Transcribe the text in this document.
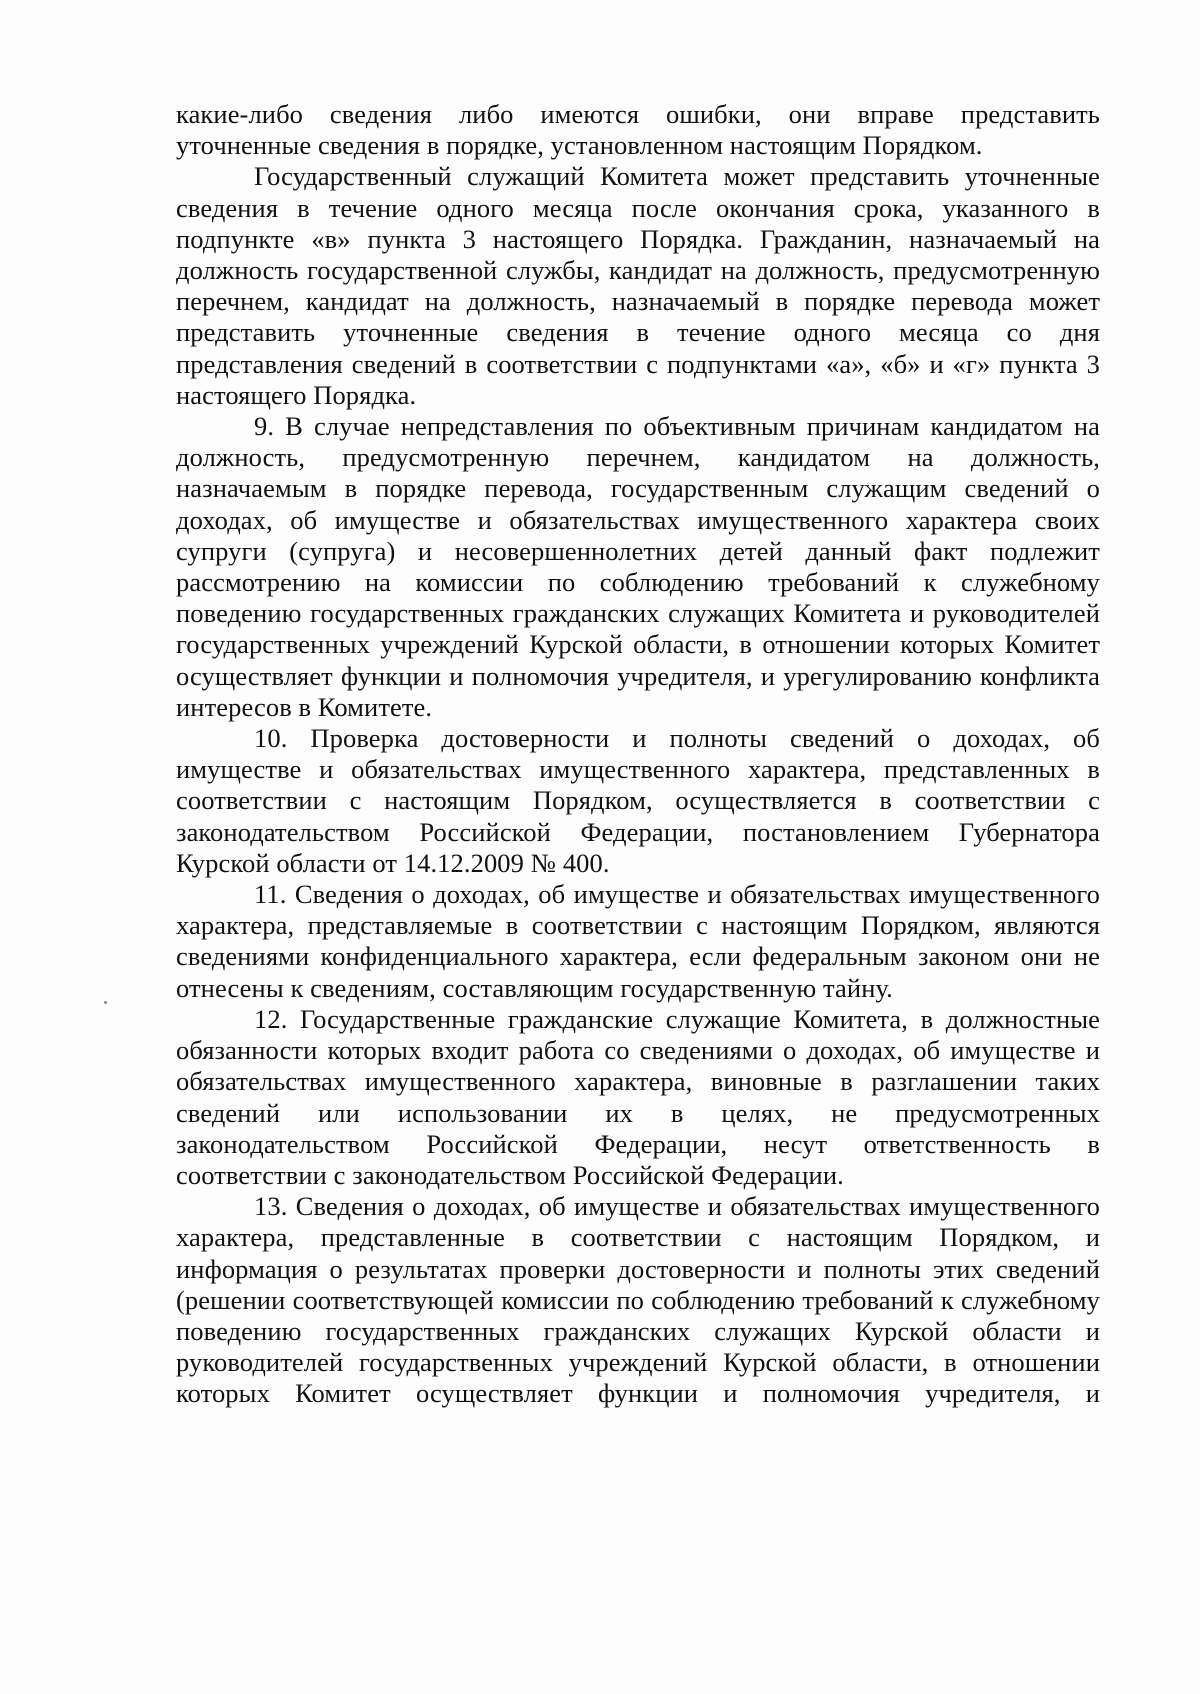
какие-либо сведения либо имеются ошибки, они вправе представить уточненные сведения в порядке, установленном настоящим Порядком.

Государственный служащий Комитета может представить уточненные сведения в течение одного месяца после окончания срока, указанного в подпункте «в» пункта 3 настоящего Порядка. Гражданин, назначаемый на должность государственной службы, кандидат на должность, предусмотренную перечнем, кандидат на должность, назначаемый в порядке перевода может представить уточненные сведения в течение одного месяца со дня представления сведений в соответствии с подпунктами «а», «б» и «г» пункта 3 настоящего Порядка.

9. В случае непредставления по объективным причинам кандидатом на должность, предусмотренную перечнем, кандидатом на должность, назначаемым в порядке перевода, государственным служащим сведений о доходах, об имуществе и обязательствах имущественного характера своих супруги (супруга) и несовершеннолетних детей данный факт подлежит рассмотрению на комиссии по соблюдению требований к служебному поведению государственных гражданских служащих Комитета и руководителей государственных учреждений Курской области, в отношении которых Комитет осуществляет функции и полномочия учредителя, и урегулированию конфликта интересов в Комитете.

10. Проверка достоверности и полноты сведений о доходах, об имуществе и обязательствах имущественного характера, представленных в соответствии с настоящим Порядком, осуществляется в соответствии с законодательством Российской Федерации, постановлением Губернатора Курской области от 14.12.2009 № 400.

11. Сведения о доходах, об имуществе и обязательствах имущественного характера, представляемые в соответствии с настоящим Порядком, являются сведениями конфиденциального характера, если федеральным законом они не отнесены к сведениям, составляющим государственную тайну.

12. Государственные гражданские служащие Комитета, в должностные обязанности которых входит работа со сведениями о доходах, об имуществе и обязательствах имущественного характера, виновные в разглашении таких сведений или использовании их в целях, не предусмотренных законодательством Российской Федерации, несут ответственность в соответствии с законодательством Российской Федерации.

13. Сведения о доходах, об имуществе и обязательствах имущественного характера, представленные в соответствии с настоящим Порядком, и информация о результатах проверки достоверности и полноты этих сведений (решении соответствующей комиссии по соблюдению требований к служебному поведению государственных гражданских служащих Курской области и руководителей государственных учреждений Курской области, в отношении которых Комитет осуществляет функции и полномочия учредителя, и
